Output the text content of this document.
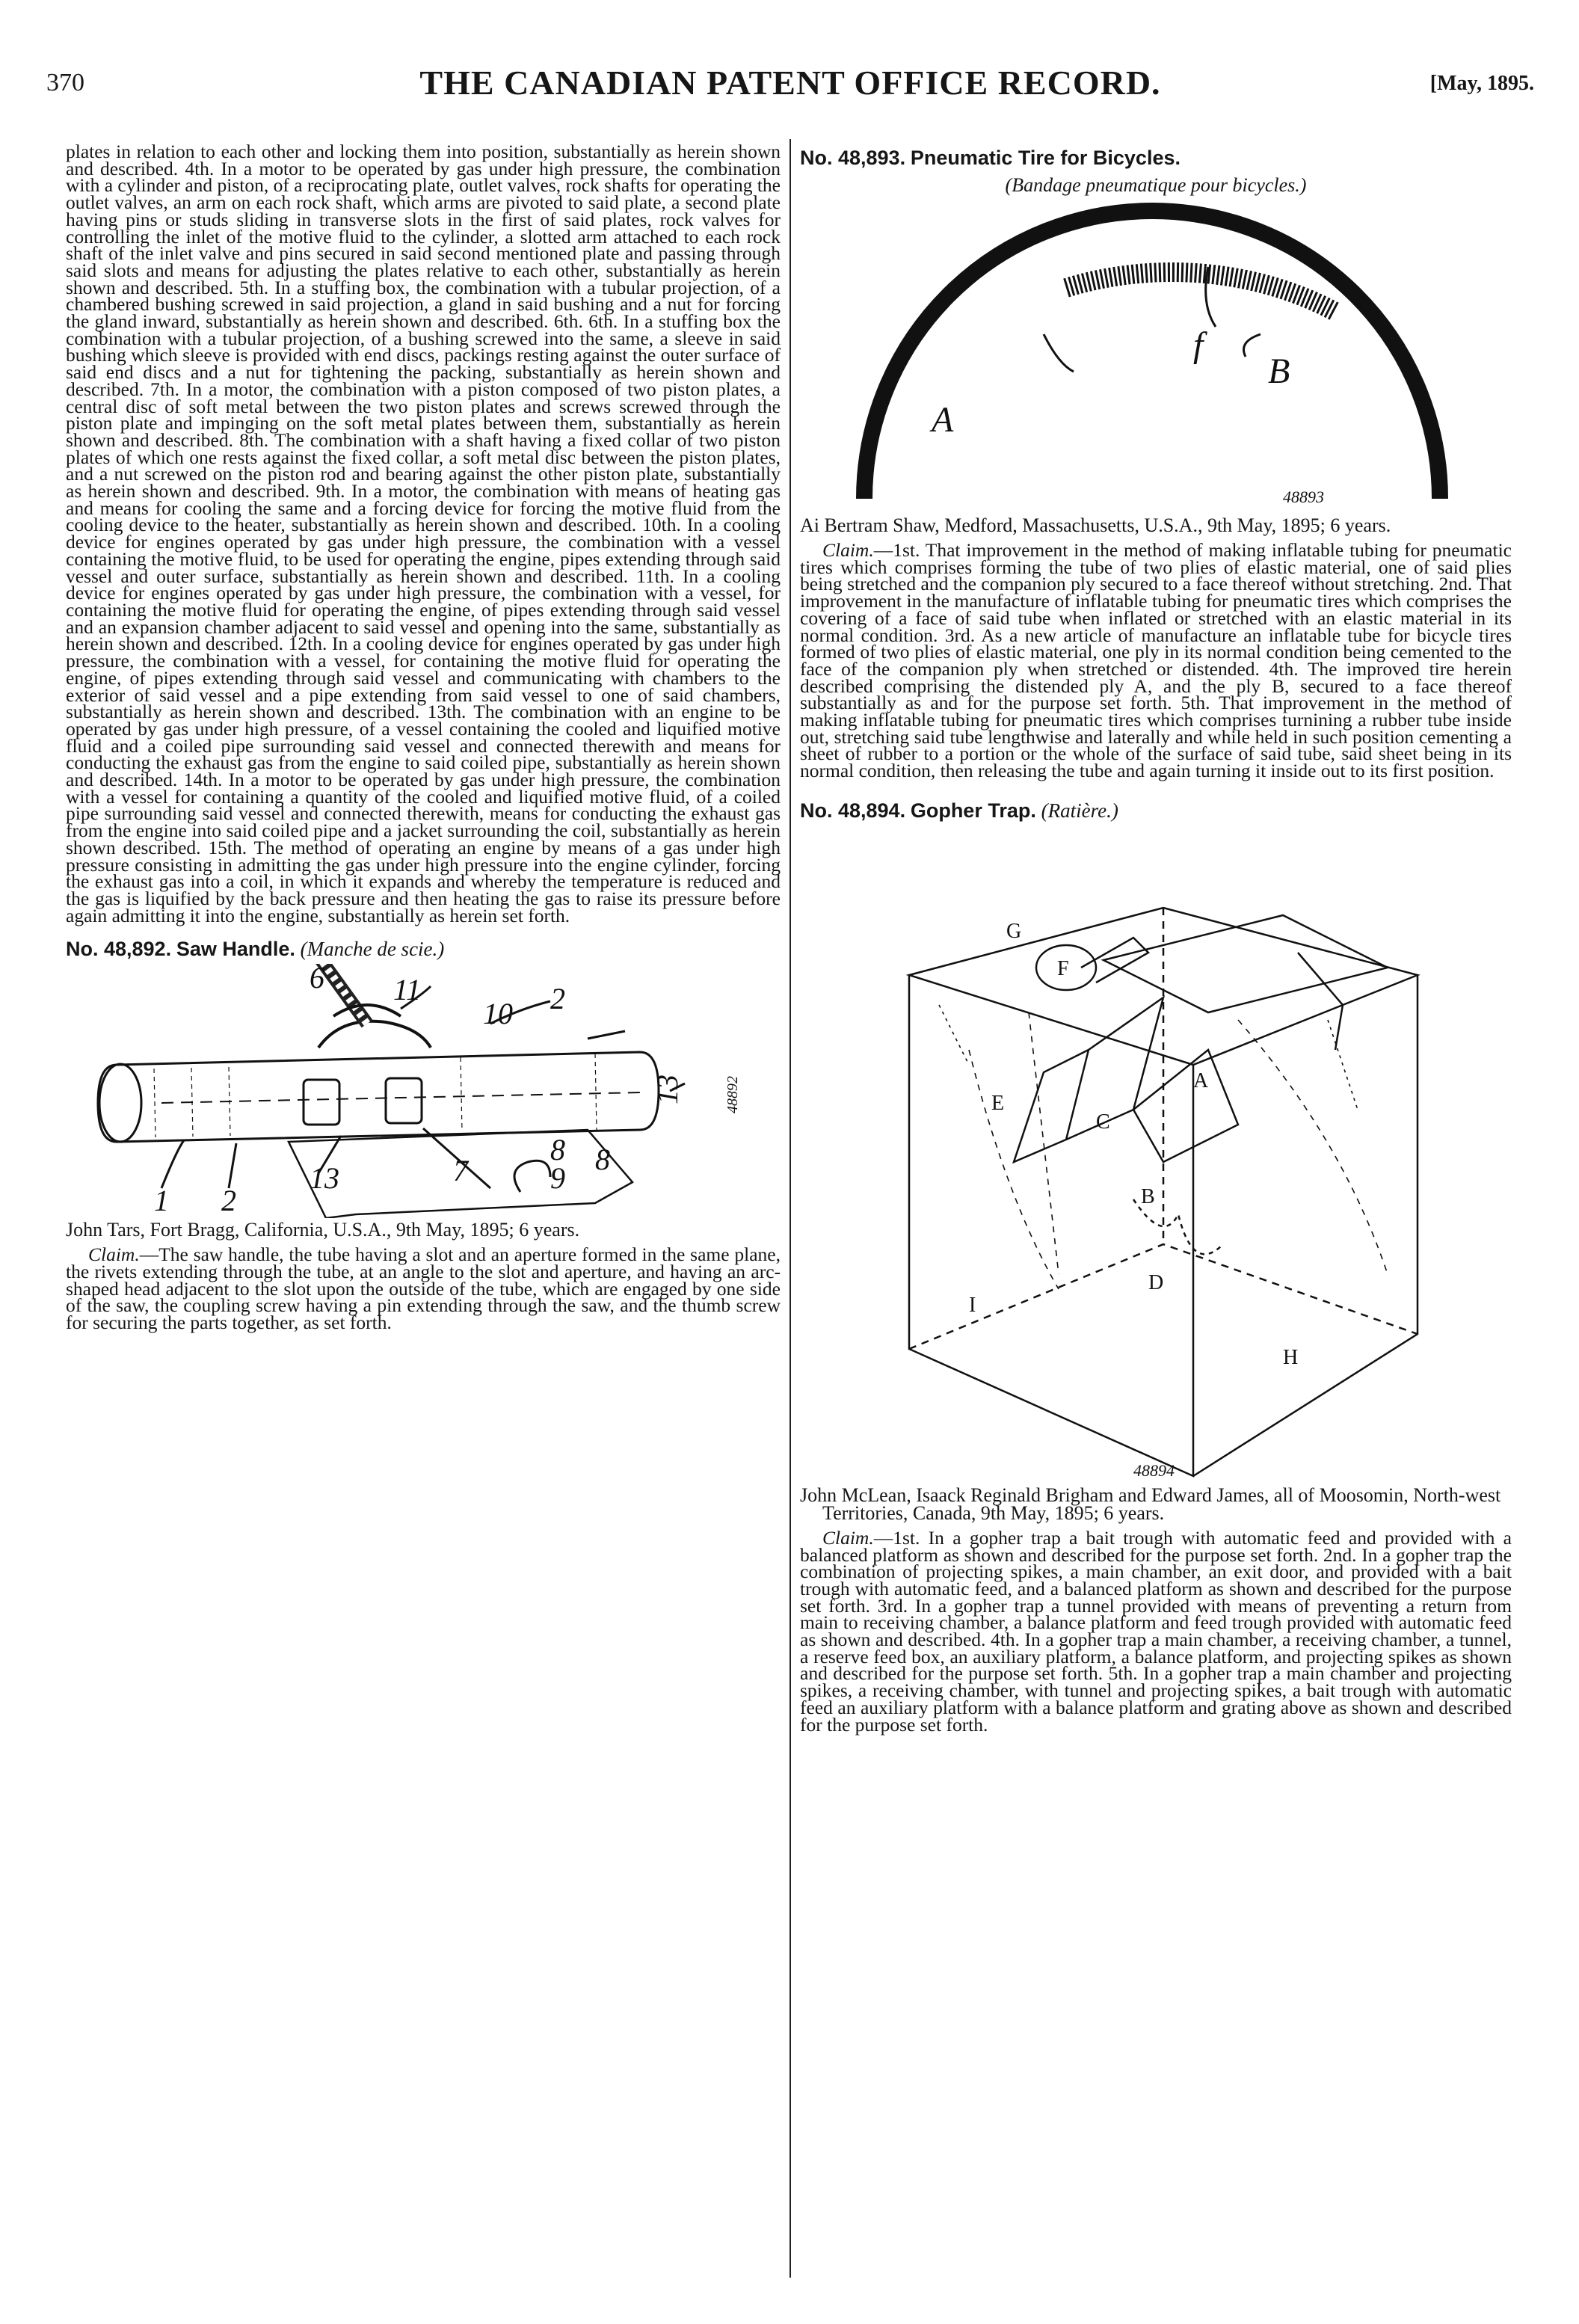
370	THE CANADIAN PATENT OFFICE RECORD.	[May, 1895.

plates in relation to each other and locking them into position, substantially as herein shown and described. 4th. In a motor to be operated by gas under high pressure, the combination with a cylinder and piston, of a reciprocating plate, outlet valves, rock shafts for operating the outlet valves, an arm on each rock shaft, which arms are pivoted to said plate, a second plate having pins or studs sliding in transverse slots in the first of said plates, rock valves for controlling the inlet of the motive fluid to the cylinder, a slotted arm attached to each rock shaft of the inlet valve and pins secured in said second mentioned plate and passing through said slots and means for adjusting the plates relative to each other, substantially as herein shown and described. 5th. In a stuffing box, the combination with a tubular projection, of a chambered bushing screwed in said projection, a gland in said bushing and a nut for forcing the gland inward, substantially as herein shown and described. 6th. 6th. In a stuffing box the combination with a tubular projection, of a bushing screwed into the same, a sleeve in said bushing which sleeve is provided with end discs, packings resting against the outer surface of said end discs and a nut for tightening the packing, substantially as herein shown and described. 7th. In a motor, the combination with a piston composed of two piston plates, a central disc of soft metal between the two piston plates and screws screwed through the piston plate and impinging on the soft metal plates between them, substantially as herein shown and described. 8th. The combination with a shaft having a fixed collar of two piston plates of which one rests against the fixed collar, a soft metal disc between the piston plates, and a nut screwed on the piston rod and bearing against the other piston plate, substantially as herein shown and described. 9th. In a motor, the combination with means of heating gas and means for cooling the same and a forcing device for forcing the motive fluid from the cooling device to the heater, substantially as herein shown and described. 10th. In a cooling device for engines operated by gas under high pressure, the combination with a vessel containing the motive fluid, to be used for operating the engine, pipes extending through said vessel and outer surface, substantially as herein shown and described. 11th. In a cooling device for engines operated by gas under high pressure, the combination with a vessel, for containing the motive fluid for operating the engine, of pipes extending through said vessel and an expansion chamber adjacent to said vessel and opening into the same, substantially as herein shown and described. 12th. In a cooling device for engines operated by gas under high pressure, the combination with a vessel, for containing the motive fluid for operating the engine, of pipes extending through said vessel and communicating with chambers to the exterior of said vessel and a pipe extending from said vessel to one of said chambers, substantially as herein shown and described. 13th. The combination with an engine to be operated by gas under high pressure, of a vessel containing the cooled and liquified motive fluid and a coiled pipe surrounding said vessel and connected therewith and means for conducting the exhaust gas from the engine to said coiled pipe, substantially as herein shown and described. 14th. In a motor to be operated by gas under high pressure, the combination with a vessel for containing a quantity of the cooled and liquified motive fluid, of a coiled pipe surrounding said vessel and connected therewith, means for conducting the exhaust gas from the engine into said coiled pipe and a jacket surrounding the coil, substantially as herein shown described. 15th. The method of operating an engine by means of a gas under high pressure consisting in admitting the gas under high pressure into the engine cylinder, forcing the exhaust gas into a coil, in which it expands and whereby the temperature is reduced and the gas is liquified by the back pressure and then heating the gas to raise its pressure before again admitting it into the engine, substantially as herein set forth.

No. 48,892. Saw Handle. (Manche de scie.)
6 11
10 2
13
1 2
13	7
8
9
8
48892

John Tars, Fort Bragg, California, U.S.A., 9th May, 1895; 6 years.

Claim.—The saw handle, the tube having a slot and an aperture formed in the same plane, the rivets extending through the tube, at an angle to the slot and aperture, and having an arc-shaped head adjacent to the slot upon the outside of the tube, which are engaged by one side of the saw, the coupling screw having a pin extending through the saw, and the thumb screw for securing the parts together, as set forth.

No. 48,893. Pneumatic Tire for Bicycles.
(Bandage pneumatique pour bicycles.)
A
f
B
48893

Ai Bertram Shaw, Medford, Massachusetts, U.S.A., 9th May, 1895; 6 years.

Claim.—1st. That improvement in the method of making inflatable tubing for pneumatic tires which comprises forming the tube of two plies of elastic material, one of said plies being stretched and the companion ply secured to a face thereof without stretching. 2nd. That improvement in the manufacture of inflatable tubing for pneumatic tires which comprises the covering of a face of said tube when inflated or stretched with an elastic material in its normal condition. 3rd. As a new article of manufacture an inflatable tube for bicycle tires formed of two plies of elastic material, one ply in its normal condition being cemented to the face of the companion ply when stretched or distended. 4th. The improved tire herein described comprising the distended ply A, and the ply B, secured to a face thereof substantially as and for the purpose set forth. 5th. That improvement in the method of making inflatable tubing for pneumatic tires which comprises turnining a rubber tube inside out, stretching said tube lengthwise and laterally and while held in such position cementing a sheet of rubber to a portion or the whole of the surface of said tube, said sheet being in its normal condition, then releasing the tube and again turning it inside out to its first position.

No. 48,894. Gopher Trap. (Ratière.)
G
F
E
A
C
B
D
I
H
48894

John McLean, Isaack Reginald Brigham and Edward James, all of Moosomin, North-west Territories, Canada, 9th May, 1895; 6 years.

Claim.—1st. In a gopher trap a bait trough with automatic feed and provided with a balanced platform as shown and described for the purpose set forth. 2nd. In a gopher trap the combination of projecting spikes, a main chamber, an exit door, and provided with a bait trough with automatic feed, and a balanced platform as shown and described for the purpose set forth. 3rd. In a gopher trap a tunnel provided with means of preventing a return from main to receiving chamber, a balance platform and feed trough provided with automatic feed as shown and described. 4th. In a gopher trap a main chamber, a receiving chamber, a tunnel, a reserve feed box, an auxiliary platform, a balance platform, and projecting spikes as shown and described for the purpose set forth. 5th. In a gopher trap a main chamber and projecting spikes, a receiving chamber, with tunnel and projecting spikes, a bait trough with automatic feed an auxiliary platform with a balance platform and grating above as shown and described for the purpose set forth.
